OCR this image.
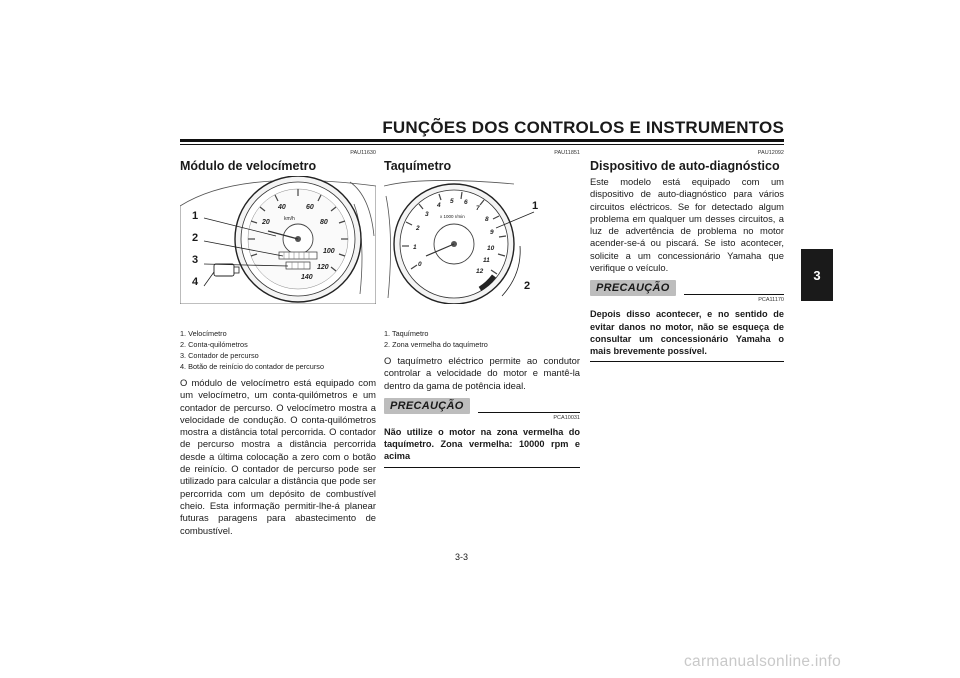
FUNÇÕES DOS CONTROLOS E INSTRUMENTOS
3
PAU11630
Módulo de velocímetro
20
40	60
80
100
120
140
km/h
1
2
3
4
1. Velocímetro
2. Conta-quilómetros
3. Contador de percurso
4. Botão de reinício do contador de percurso
O módulo de velocímetro está equipado com um velocímetro, um conta-quilómetros e um contador de percurso. O velocímetro mostra a velocidade de condução. O conta-quilómetros mostra a distância total percorrida. O contador de percurso mostra a distância percorrida desde a última colocação a zero com o botão de reinício. O contador de percurso pode ser utilizado para calcular a distância que pode ser percorrida com um depósito de combustível cheio. Esta informação permitir-lhe-á planear futuras paragens para abastecimento de combustível.
PAU11851
Taquímetro
0
1
2
3
4
5 6
7
8
9
10
11
12
x 1000 r/min
1
2
1. Taquímetro
2. Zona vermelha do taquímetro
O taquímetro eléctrico permite ao condutor controlar a velocidade do motor e mantê-la dentro da gama de potência ideal.
PRECAUÇÃO
PCA10031
Não utilize o motor na zona vermelha do taquímetro. Zona vermelha: 10000 rpm e acima
PAU12092
Dispositivo de auto-diagnóstico
Este modelo está equipado com um dispositivo de auto-diagnóstico para vários circuitos eléctricos. Se for detectado algum problema em qualquer um desses circuitos, a luz de advertência de problema no motor acender-se-á ou piscará. Se isto acontecer, solicite a um concessionário Yamaha que verifique o veículo.
PRECAUÇÃO
PCA11170
Depois disso acontecer, e no sentido de evitar danos no motor, não se esqueça de consultar um concessionário Yamaha o mais brevemente possível.
3-3
carmanualsonline.info
